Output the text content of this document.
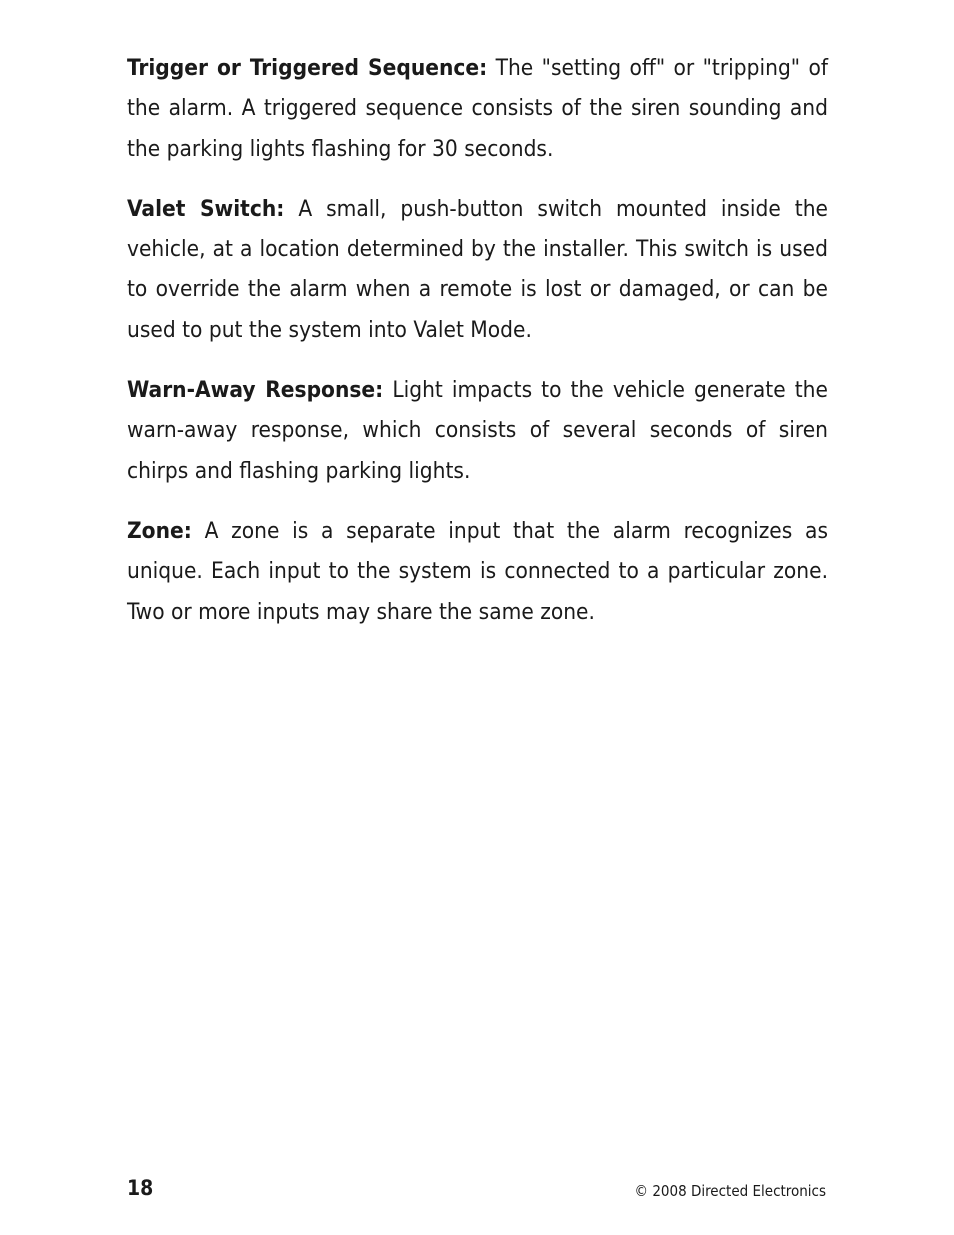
Trigger or Triggered Sequence: The "setting off" or "tripping" of the alarm. A triggered sequence consists of the siren sounding and the parking lights flashing for 30 seconds.

Valet Switch: A small, push-button switch mounted inside the vehicle, at a location determined by the installer. This switch is used to override the alarm when a remote is lost or damaged, or can be used to put the system into Valet Mode.

Warn-Away Response: Light impacts to the vehicle generate the warn-away response, which consists of several seconds of siren chirps and flashing parking lights.

Zone: A zone is a separate input that the alarm recognizes as unique. Each input to the system is connected to a particular zone. Two or more inputs may share the same zone.

18	© 2008 Directed Electronics
